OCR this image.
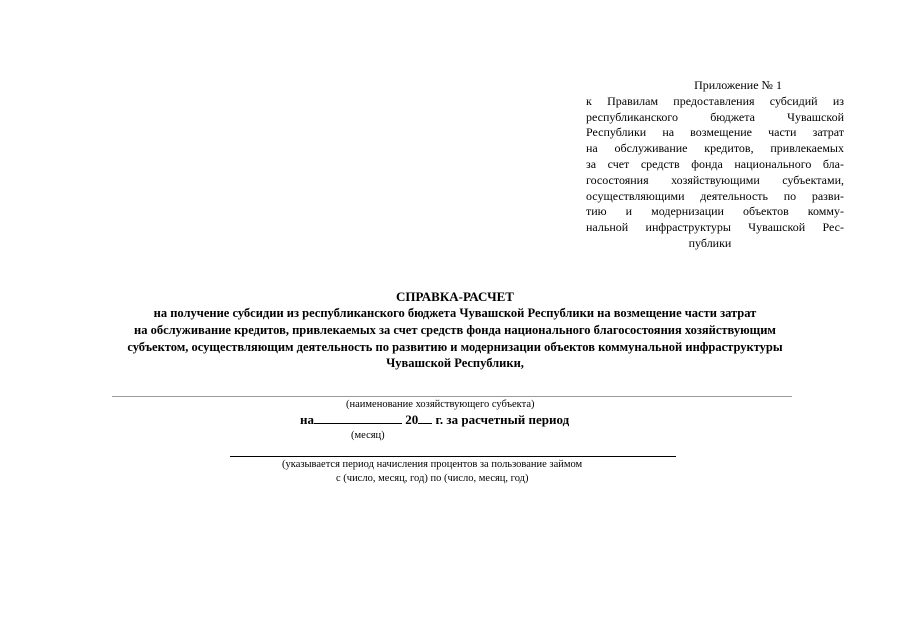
Приложение № 1
к Правилам предоставления субсидий из
республиканского бюджета Чувашской
Республики на возмещение части затрат
на обслуживание кредитов, привлекаемых
за счет средств фонда национального бла-
госостояния хозяйствующими субъектами,
осуществляющими деятельность по разви-
тию и модернизации объектов комму-
нальной инфраструктуры Чувашской Рес-
публики
СПРАВКА-РАСЧЕТ
на получение субсидии из республиканского бюджета Чувашской Республики на возмещение части затрат
на обслуживание кредитов, привлекаемых за счет средств фонда национального благосостояния хозяйствующим
субъектом, осуществляющим деятельность по развитию и модернизации объектов коммунальной инфраструктуры
Чувашской Республики,
(наименование хозяйствующего субъекта)
на	20 г. за расчетный период
(месяц)
(указывается период начисления процентов за пользование займом
с (число, месяц, год) по (число, месяц, год)
